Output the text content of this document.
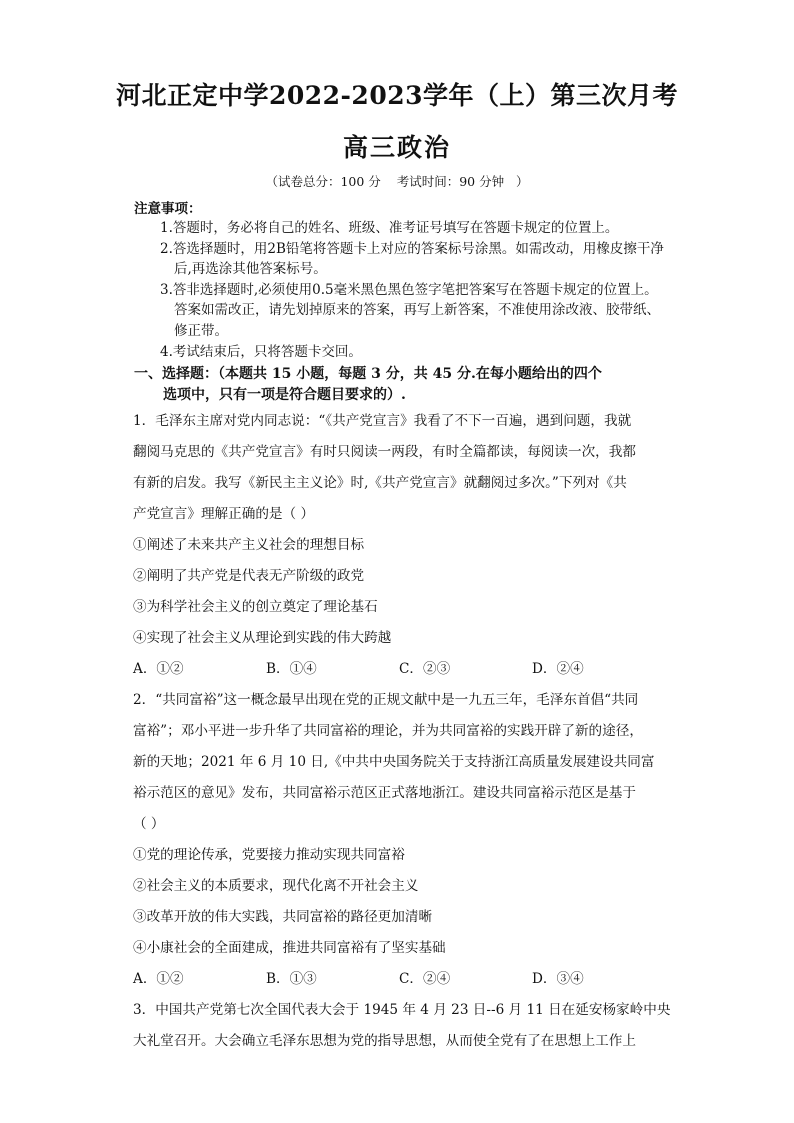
河北正定中学2022-2023学年（上）第三次月考
高三政治
（试卷总分：100 分    考试时间：90 分钟   ）
注意事项：
1.答题时，务必将自己的姓名、班级、准考证号填写在答题卡规定的位置上。
2.答选择题时，用2B铅笔将答题卡上对应的答案标号涂黑。如需改动，用橡皮擦干净后,再选涂其他答案标号。
3.答非选择题时,必须使用0.5毫米黑色黑色签字笔把答案写在答题卡规定的位置上。答案如需改正，请先划掉原来的答案，再写上新答案，不准使用涂改液、胶带纸、修正带。
4.考试结束后，只将答题卡交回。
一、选择题：（本题共 15 小题，每题 3 分，共 45 分.在每小题给出的四个
选项中，只有一项是符合题目要求的）.
1．毛泽东主席对党内同志说：“《共产党宣言》我看了不下一百遍，遇到问题，我就
翻阅马克思的《共产党宣言》有时只阅读一两段，有时全篇都读，每阅读一次，我都
有新的启发。我写《新民主主义论》时,《共产党宣言》就翻阅过多次。”下列对《共
产党宣言》理解正确的是（ ）
①阐述了未来共产主义社会的理想目标
②阐明了共产党是代表无产阶级的政党
③为科学社会主义的创立奠定了理论基石
④实现了社会主义从理论到实践的伟大跨越
A．①②	B．①④	C．②③	D．②④
2．“共同富裕”这一概念最早出现在党的正规文献中是一九五三年，毛泽东首倡“共同
富裕”；邓小平进一步升华了共同富裕的理论，并为共同富裕的实践开辟了新的途径，
新的天地；2021 年 6 月 10 日,《中共中央国务院关于支持浙江高质量发展建设共同富
裕示范区的意见》发布，共同富裕示范区正式落地浙江。建设共同富裕示范区是基于
（ ）
①党的理论传承，党要接力推动实现共同富裕
②社会主义的本质要求，现代化离不开社会主义
③改革开放的伟大实践，共同富裕的路径更加清晰
④小康社会的全面建成，推进共同富裕有了坚实基础
A．①②	B．①③	C．②④	D．③④
3．中国共产党第七次全国代表大会于 1945 年 4 月 23 日--6 月 11 日在延安杨家岭中央
大礼堂召开。大会确立毛泽东思想为党的指导思想，从而使全党有了在思想上工作上
